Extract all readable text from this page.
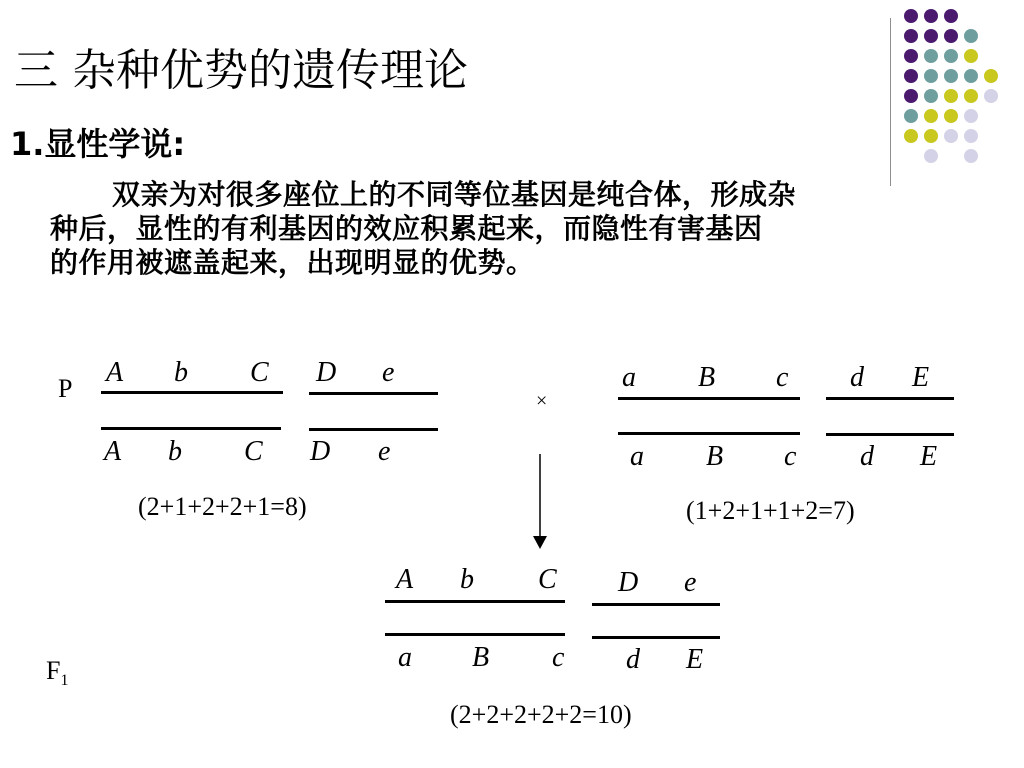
三 杂种优势的遗传理论
1.显性学说:
双亲为对很多座位上的不同等位基因是纯合体，形成杂
种后，显性的有利基因的效应积累起来，而隐性有害基因
的作用被遮盖起来，出现明显的优势。
P
A b C D e
A b C D e
(2+1+2+2+1=8)
×
a B c d E
a B c d E
(1+2+1+1+2=7)
A b C D e
a B c d E
(2+2+2+2+2=10)
$F_1$
